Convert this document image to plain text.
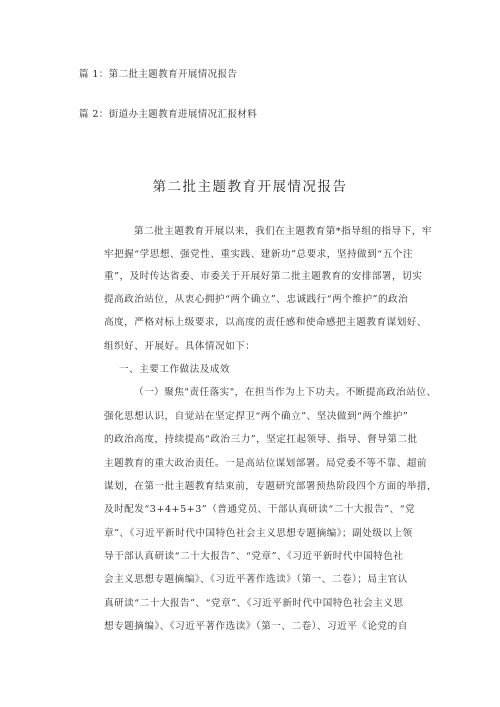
篇 1：第二批主题教育开展情况报告
篇 2：街道办主题教育进展情况汇报材料
第二批主题教育开展情况报告
第二批主题教育开展以来，我们在主题教育第*指导组的指导下，牢
牢把握“学思想、强党性、重实践、建新功”总要求，坚持做到“五个注
重”，及时传达省委、市委关于开展好第二批主题教育的安排部署，切实
提高政治站位，从衷心拥护“两个确立”、忠诚践行“两个维护”的政治
高度，严格对标上级要求，以高度的责任感和使命感把主题教育谋划好、
组织好、开展好。具体情况如下：
一、主要工作做法及成效
（一）聚焦"责任落实"，在担当作为上下功夫。不断提高政治站位、
强化思想认识，自觉站在坚定捍卫“两个确立”、坚决做到“两个维护”
的政治高度，持续提高“政治三力”，坚定扛起领导、指导、督导第二批
主题教育的重大政治责任。一是高站位谋划部署。局党委不等不靠、超前
谋划，在第一批主题教育结束前，专题研究部署预热阶段四个方面的举措，
及时配发“3+4+5+3”（普通党员、干部认真研读“二十大报告”、“党
章”、《习近平新时代中国特色社会主义思想专题摘编》；副处级以上领
导干部认真研读“二十大报告”、“党章”、《习近平新时代中国特色社
会主义思想专题摘编》、《习近平著作选读》（第一、二卷）；局主官认
真研读“二十大报告”、“党章”、《习近平新时代中国特色社会主义思
想专题摘编》、《习近平著作选读》（第一、二卷）、习近平《论党的自
